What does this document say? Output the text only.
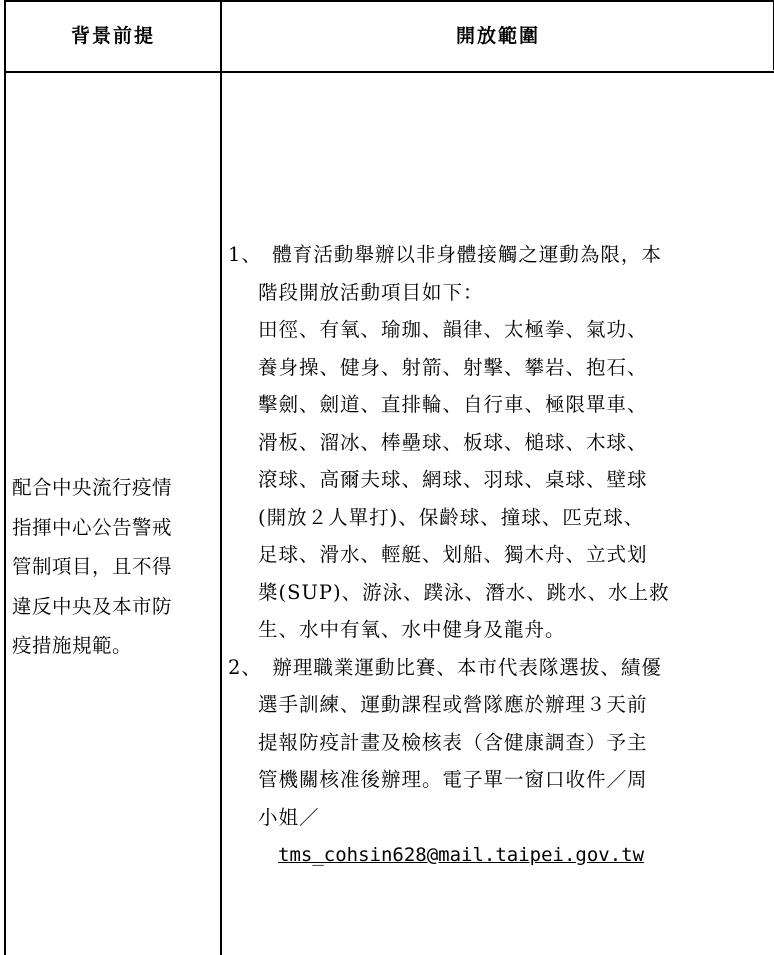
背景前提	開放範圍
配合中央流行疫情
指揮中心公告警戒
管制項目，且不得
違反中央及本市防
疫措施規範。
1、
體育活動舉辦以非身體接觸之運動為限，本
階段開放活動項目如下：
田徑、有氧、瑜珈、韻律、太極拳、氣功、
養身操、健身、射箭、射擊、攀岩、抱石、
擊劍、劍道、直排輪、自行車、極限單車、
滑板、溜冰、棒壘球、板球、槌球、木球、
滾球、高爾夫球、網球、羽球、桌球、壁球
(開放２人單打)、保齡球、撞球、匹克球、
足球、滑水、輕艇、划船、獨木舟、立式划
槳(SUP)、游泳、蹼泳、潛水、跳水、水上救
生、水中有氧、水中健身及龍舟。
2、
辦理職業運動比賽、本市代表隊選拔、績優
選手訓練、運動課程或營隊應於辦理３天前
提報防疫計畫及檢核表（含健康調查）予主
管機關核准後辦理。電子單一窗口收件／周
小姐／
tms_cohsin628@mail.taipei.gov.tw
